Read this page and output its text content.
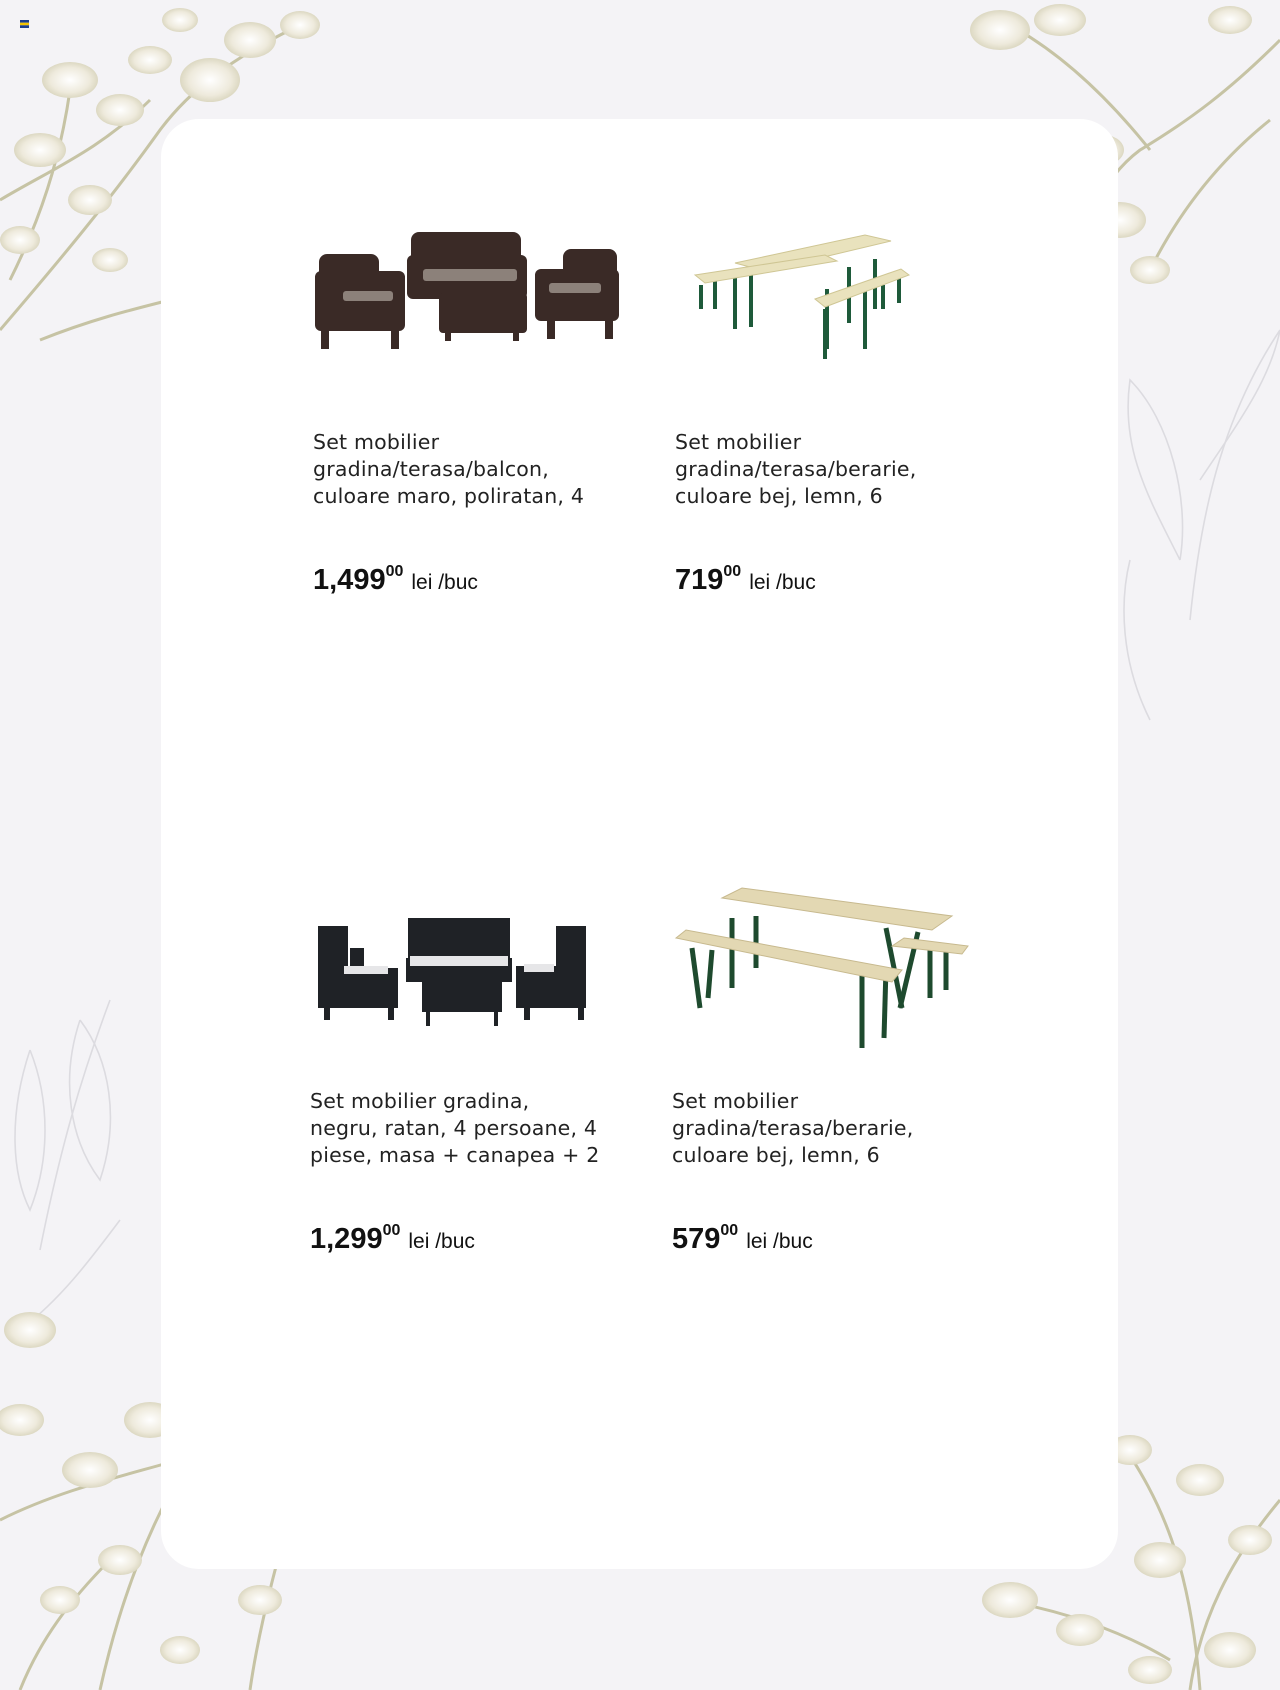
Set mobilier
gradina/terasa/balcon,
culoare maro, poliratan, 4
1,49900 lei /buc
Set mobilier
gradina/terasa/berarie,
culoare bej, lemn, 6
71900 lei /buc
Set mobilier gradina,
negru, ratan, 4 persoane, 4
piese, masa + canapea + 2
1,29900 lei /buc
Set mobilier
gradina/terasa/berarie,
culoare bej, lemn, 6
57900 lei /buc
